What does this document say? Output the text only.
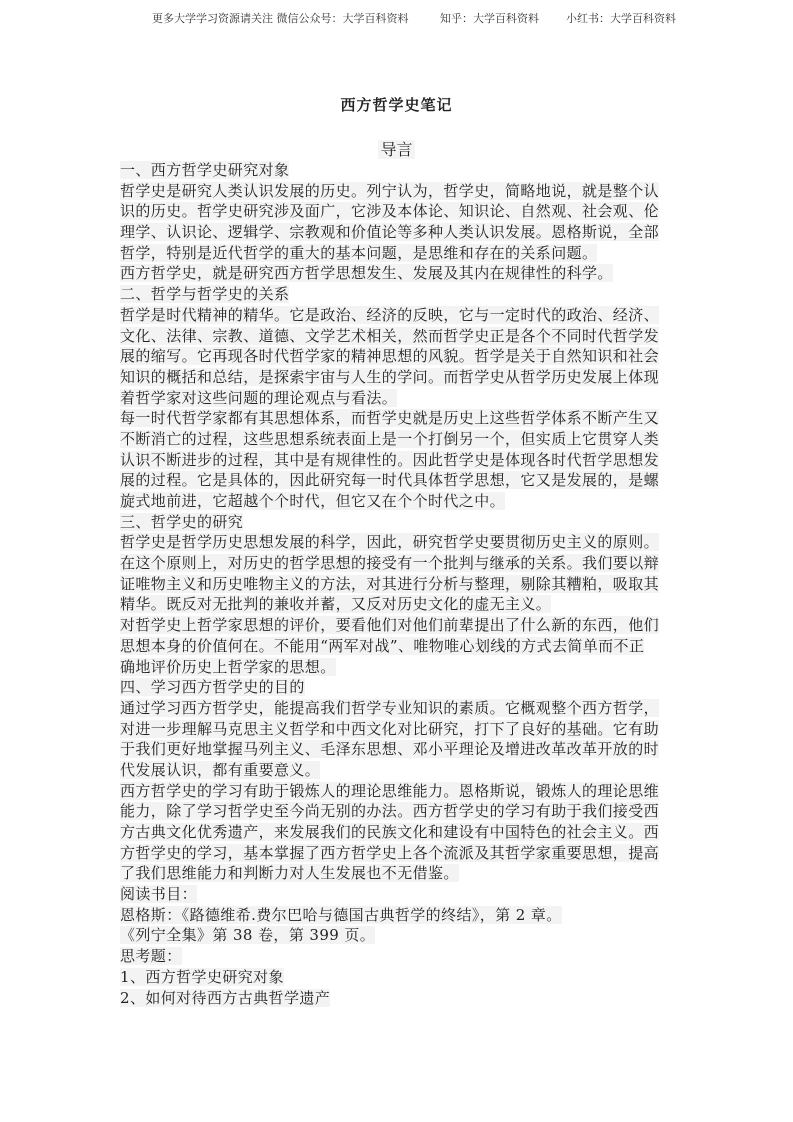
更多大学学习资源请关注 微信公众号：大学百科资料	知乎：大学百科资料 小红书：大学百科资料
西方哲学史笔记
导言
一、西方哲学史研究对象
哲学史是研究人类认识发展的历史。列宁认为，哲学史，简略地说，就是整个认
识的历史。哲学史研究涉及面广，它涉及本体论、知识论、自然观、社会观、伦
理学、认识论、逻辑学、宗教观和价值论等多种人类认识发展。恩格斯说，全部
哲学，特别是近代哲学的重大的基本问题，是思维和存在的关系问题。
西方哲学史，就是研究西方哲学思想发生、发展及其内在规律性的科学。
二、哲学与哲学史的关系
哲学是时代精神的精华。它是政治、经济的反映，它与一定时代的政治、经济、
文化、法律、宗教、道德、文学艺术相关，然而哲学史正是各个不同时代哲学发
展的缩写。它再现各时代哲学家的精神思想的风貌。哲学是关于自然知识和社会
知识的概括和总结，是探索宇宙与人生的学问。而哲学史从哲学历史发展上体现
着哲学家对这些问题的理论观点与看法。
每一时代哲学家都有其思想体系，而哲学史就是历史上这些哲学体系不断产生又
不断消亡的过程，这些思想系统表面上是一个打倒另一个，但实质上它贯穿人类
认识不断进步的过程，其中是有规律性的。因此哲学史是体现各时代哲学思想发
展的过程。它是具体的，因此研究每一时代具体哲学思想，它又是发展的，是螺
旋式地前进，它超越个个时代，但它又在个个时代之中。
三、哲学史的研究
哲学史是哲学历史思想发展的科学，因此，研究哲学史要贯彻历史主义的原则。
在这个原则上，对历史的哲学思想的接受有一个批判与继承的关系。我们要以辩
证唯物主义和历史唯物主义的方法，对其进行分析与整理，剔除其糟粕，吸取其
精华。既反对无批判的兼收并蓄，又反对历史文化的虚无主义。
对哲学史上哲学家思想的评价，要看他们对他们前辈提出了什么新的东西，他们
思想本身的价值何在。不能用“两军对战”、唯物唯心划线的方式去简单而不正
确地评价历史上哲学家的思想。
四、学习西方哲学史的目的
通过学习西方哲学史，能提高我们哲学专业知识的素质。它概观整个西方哲学，
对进一步理解马克思主义哲学和中西文化对比研究，打下了良好的基础。它有助
于我们更好地掌握马列主义、毛泽东思想、邓小平理论及增进改革改革开放的时
代发展认识，都有重要意义。
西方哲学史的学习有助于锻炼人的理论思维能力。恩格斯说，锻炼人的理论思维
能力，除了学习哲学史至今尚无别的办法。西方哲学史的学习有助于我们接受西
方古典文化优秀遗产，来发展我们的民族文化和建设有中国特色的社会主义。西
方哲学史的学习，基本掌握了西方哲学史上各个流派及其哲学家重要思想，提高
了我们思维能力和判断力对人生发展也不无借鉴。
阅读书目：
恩格斯：《路德维希.费尔巴哈与德国古典哲学的终结》，第 2 章。
《列宁全集》第 38 卷，第 399 页。
思考题：
1、西方哲学史研究对象
2、如何对待西方古典哲学遗产
